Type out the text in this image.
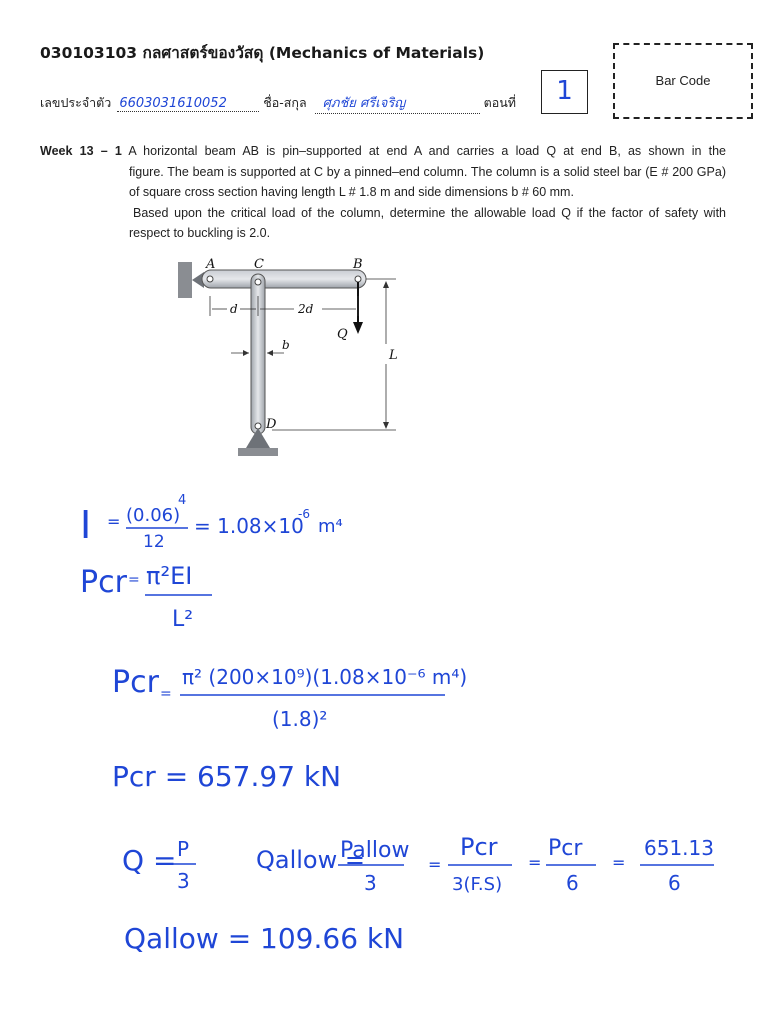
030103103 กลศาสตร์ของวัสดุ (Mechanics of Materials)
Bar Code
เลขประจำตัว 6603031610052	ชื่อ-สกุล ศุภชัย ศรีเจริญ	ตอนที่	1
Week 13 – 1 A horizontal beam AB is pin–supported at end A and carries a load Q at end B, as shown in the
figure. The beam is supported at C by a pinned–end column. The column is a solid steel bar (E # 200 GPa) of square cross section having length L # 1.8 m and side dimensions b # 60 mm.
Based upon the critical load of the column, determine the allowable load Q if the factor of safety with respect to buckling is 2.0.
A	C	B
D
d	2d
b
Q
L
I = (0.06)
4
12
= 1.08×10
-6
m⁴
Pcr = π²EI
L²
Pcr =
π² (200×10⁹)(1.08×10⁻⁶ m⁴)
(1.8)²
Pcr = 657.97 kN
Q = P
3
Qallow =
Pallow
3
=
Pcr
3(F.S)
=
Pcr
6
=
651.13
6
Qallow = 109.66 kN
